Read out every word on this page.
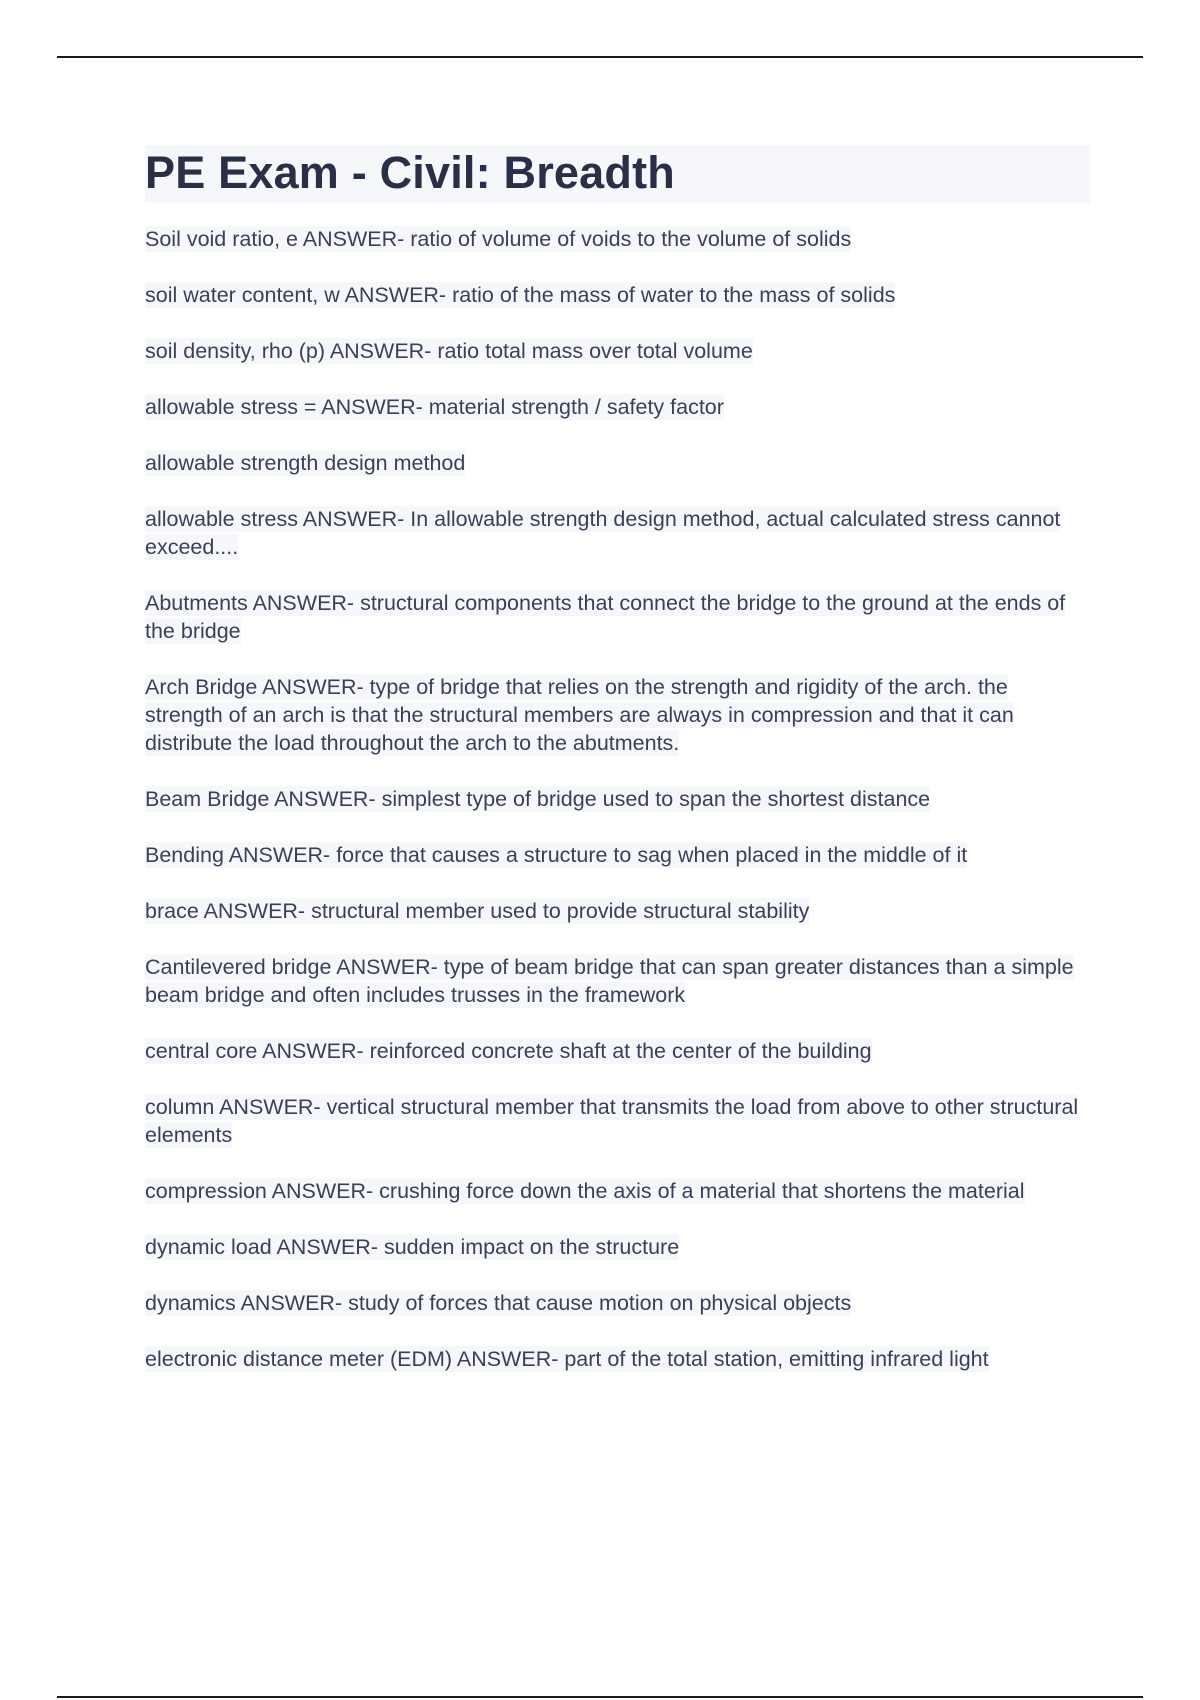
PE Exam - Civil: Breadth
Soil void ratio, e ANSWER- ratio of volume of voids to the volume of solids
soil water content, w ANSWER- ratio of the mass of water to the mass of solids
soil density, rho (p) ANSWER- ratio total mass over total volume
allowable stress = ANSWER- material strength / safety factor
allowable strength design method
allowable stress ANSWER- In allowable strength design method, actual calculated stress cannot exceed....
Abutments ANSWER- structural components that connect the bridge to the ground at the ends of the bridge
Arch Bridge ANSWER- type of bridge that relies on the strength and rigidity of the arch. the strength of an arch is that the structural members are always in compression and that it can distribute the load throughout the arch to the abutments.
Beam Bridge ANSWER- simplest type of bridge used to span the shortest distance
Bending ANSWER- force that causes a structure to sag when placed in the middle of it
brace ANSWER- structural member used to provide structural stability
Cantilevered bridge ANSWER- type of beam bridge that can span greater distances than a simple beam bridge and often includes trusses in the framework
central core ANSWER- reinforced concrete shaft at the center of the building
column ANSWER- vertical structural member that transmits the load from above to other structural elements
compression ANSWER- crushing force down the axis of a material that shortens the material
dynamic load ANSWER- sudden impact on the structure
dynamics ANSWER- study of forces that cause motion on physical objects
electronic distance meter (EDM) ANSWER- part of the total station, emitting infrared light
